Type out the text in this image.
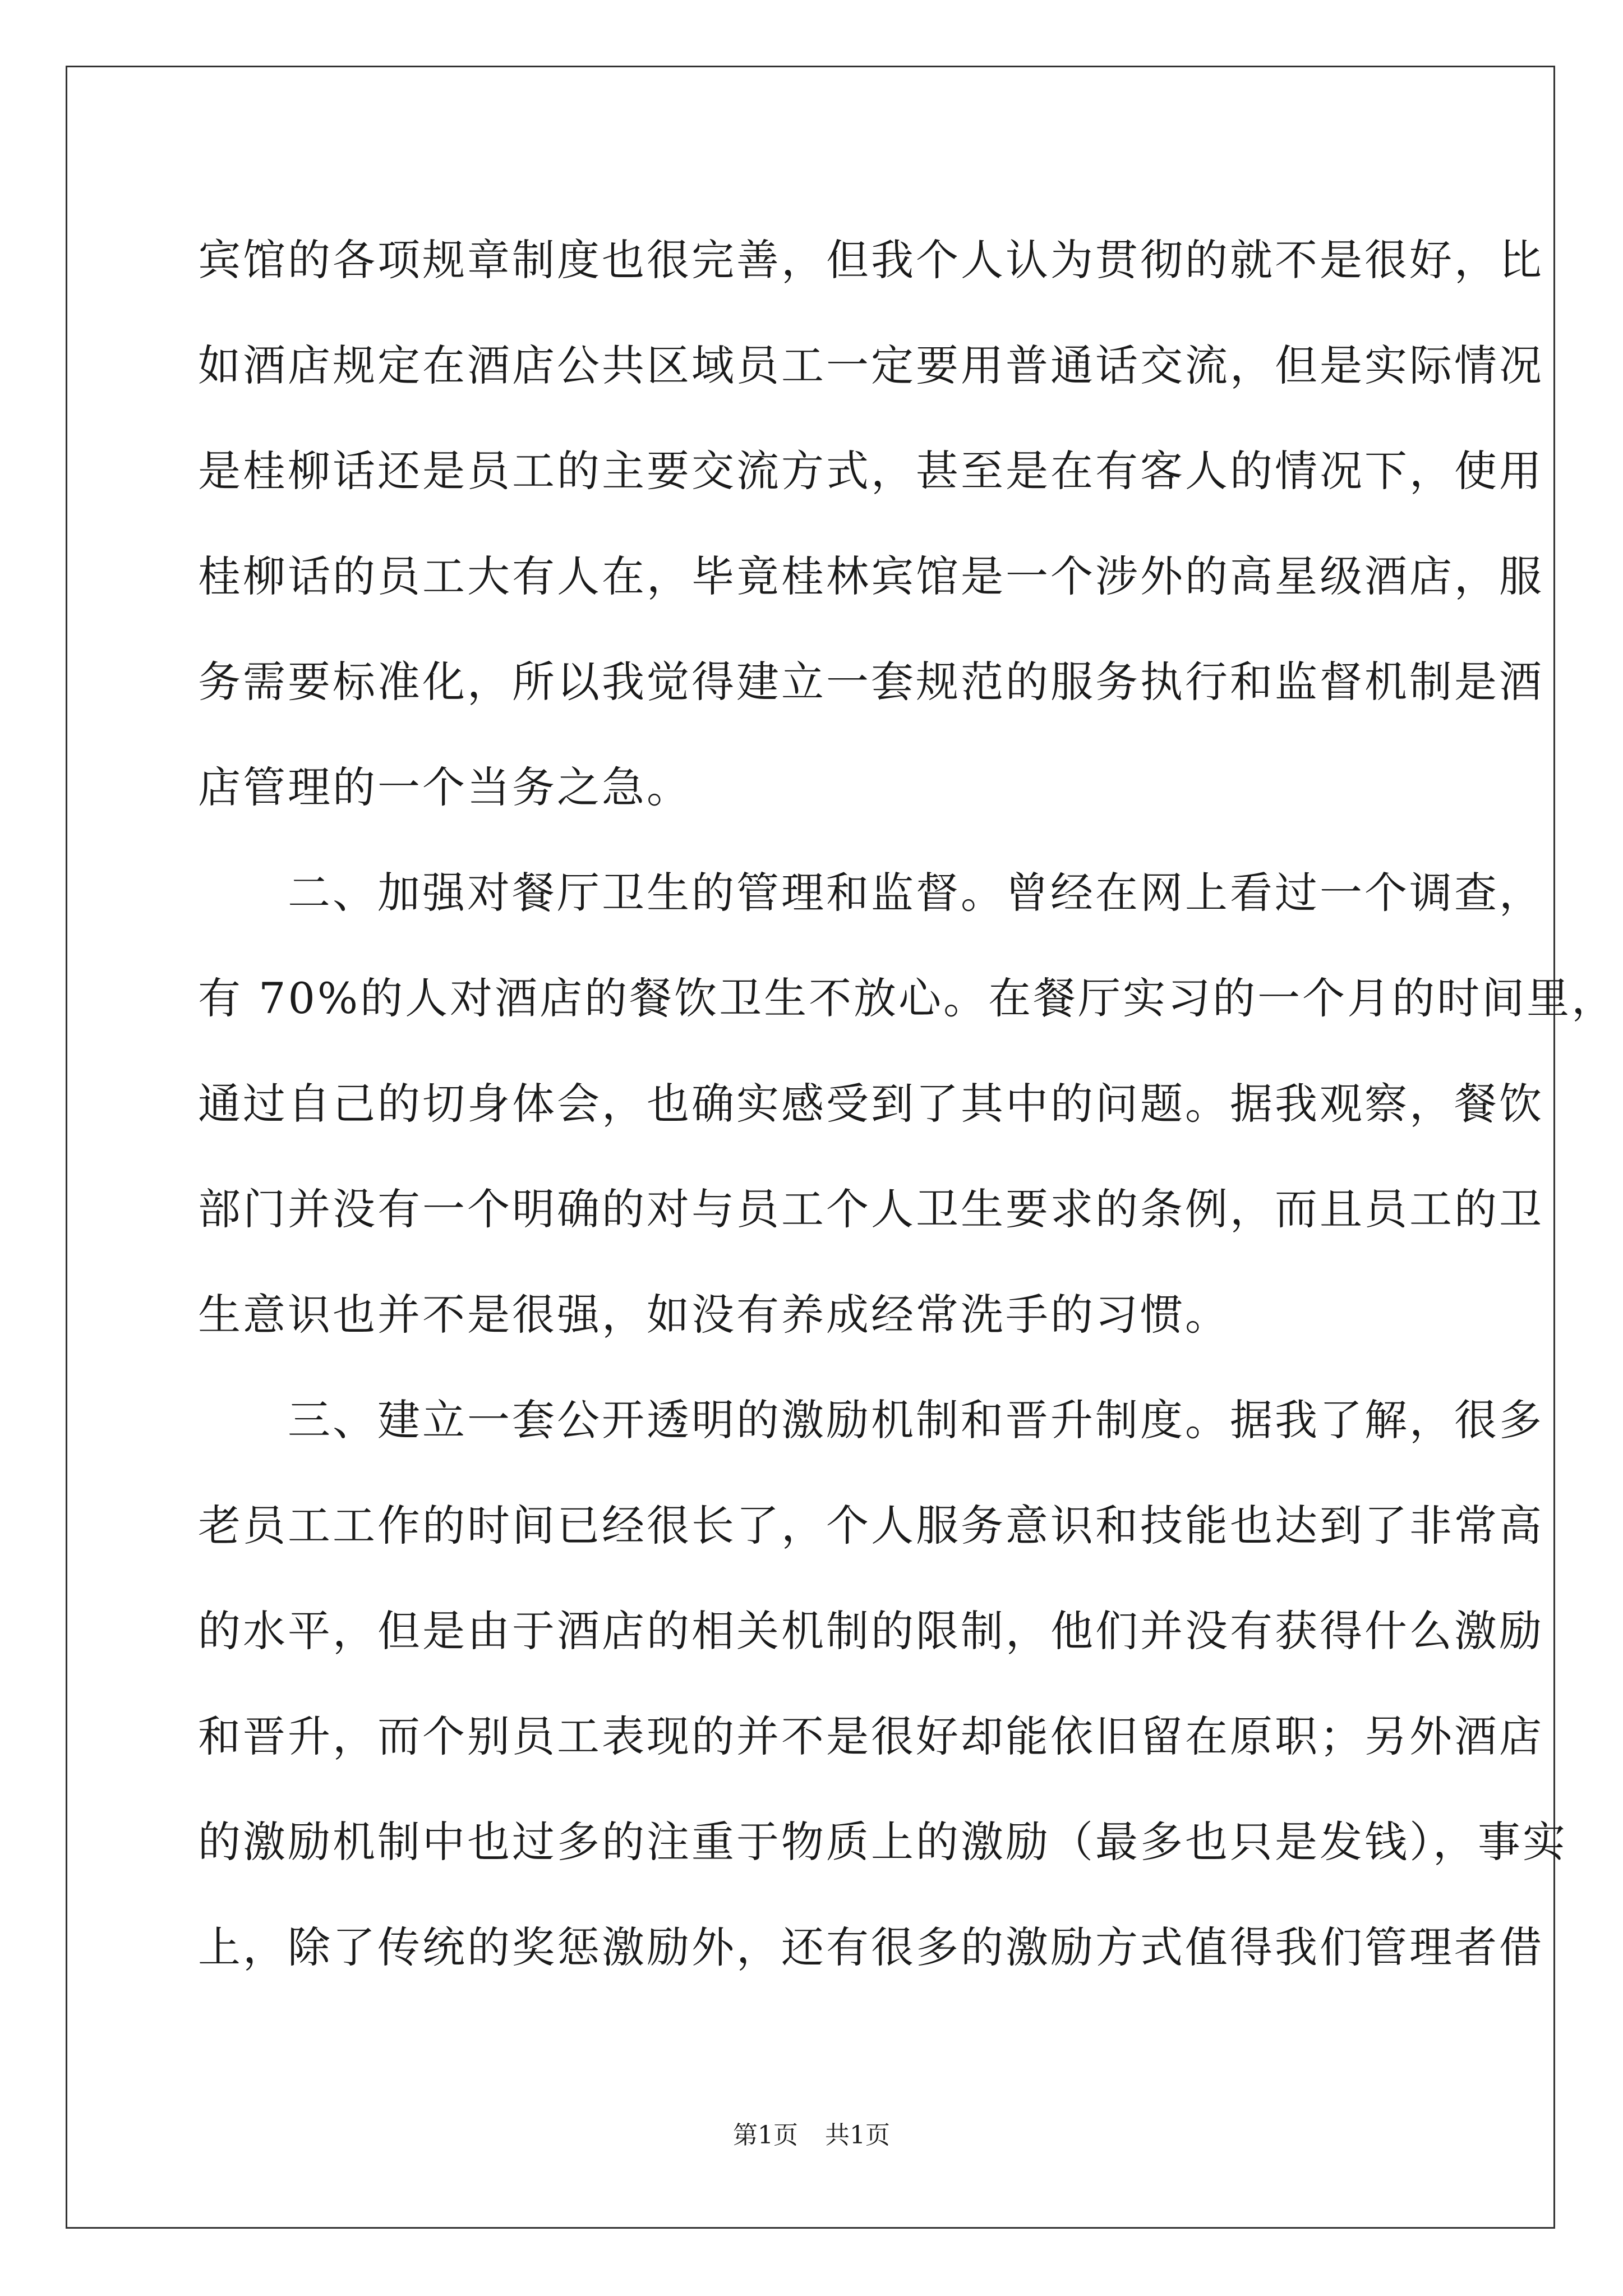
宾馆的各项规章制度也很完善，但我个人认为贯彻的就不是很好，比
如酒店规定在酒店公共区域员工一定要用普通话交流，但是实际情况
是桂柳话还是员工的主要交流方式，甚至是在有客人的情况下，使用
桂柳话的员工大有人在，毕竟桂林宾馆是一个涉外的高星级酒店，服
务需要标准化，所以我觉得建立一套规范的服务执行和监督机制是酒
店管理的一个当务之急。
二、加强对餐厅卫生的管理和监督。曾经在网上看过一个调查，
有 70%的人对酒店的餐饮卫生不放心。在餐厅实习的一个月的时间里，
通过自己的切身体会，也确实感受到了其中的问题。据我观察，餐饮
部门并没有一个明确的对与员工个人卫生要求的条例，而且员工的卫
生意识也并不是很强，如没有养成经常洗手的习惯。
三、建立一套公开透明的激励机制和晋升制度。据我了解，很多
老员工工作的时间已经很长了，个人服务意识和技能也达到了非常高
的水平，但是由于酒店的相关机制的限制，他们并没有获得什么激励
和晋升，而个别员工表现的并不是很好却能依旧留在原职；另外酒店
的激励机制中也过多的注重于物质上的激励（最多也只是发钱），事实
上，除了传统的奖惩激励外，还有很多的激励方式值得我们管理者借
第1页 共1页
